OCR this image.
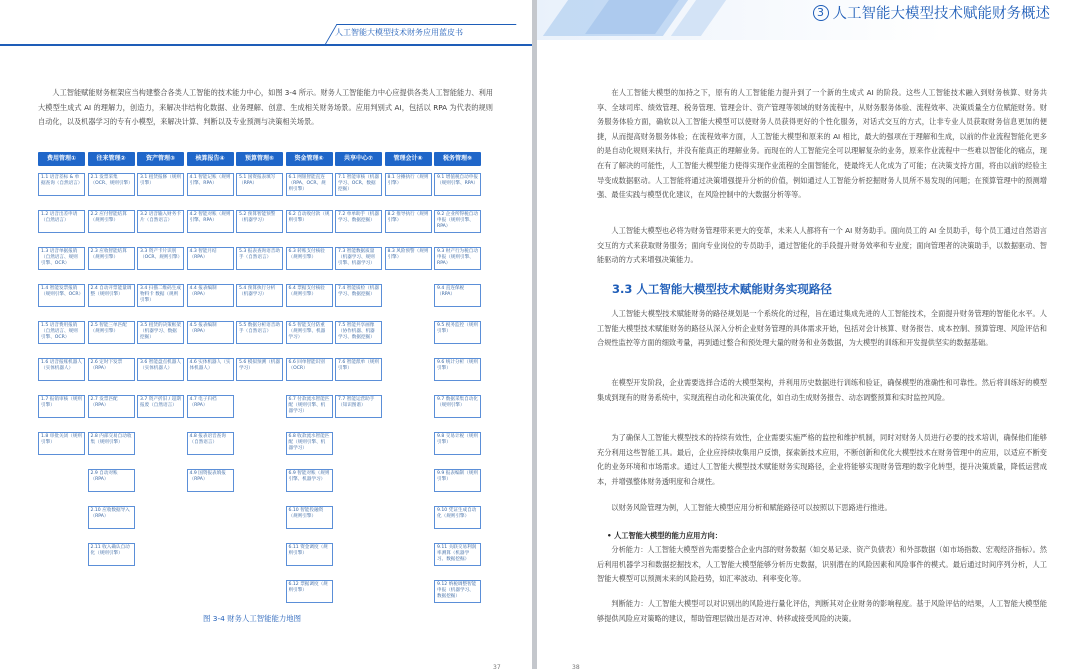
人工智能大模型技术财务应用蓝皮书

人工智能赋能财务框架应当构建整合各类人工智能的技术能力中心，如图 3-4 所示。财务人工智能能力中心应提供各类人工智能能力、利用大模型生成式 AI 的理解力，创造力，来解决非结构化数据、业务理解、创意、生成相关财务场景。应用判别式 AI，包括以 RPA 为代表的规则自动化，以及机器学习的专有小模型，来解决计算、判断以及专业预测与决策相关场景。

费用管理①
1.1 语音差标 & 单据查询（自然语言）
1.2 语音出差申请（自然语言）
1.3 语音单据报销（自然语言、规则引擎、OCR）
1.4 智能发票报销（规则引擎、OCR）
1.5 语音费用报销（自然语言、规则引擎、OCR）
1.6 语音报账机器人（实体机器人）
1.7 报销审核（规则引擎）
1.8 审批关闭（规则引擎）
往来管理②
2.1 发票采集（OCR、规则引擎）
2.2 应付智能结算（规则引擎）
2.3 应收智能结算（规则引擎）
2.4 自动开票能量调整（规则引擎）
2.5 智能三单匹配（规则引擎）
2.6 定时下发票（RPA）
2.7 发票匹配（RPA）
2.8 内部交易自动收集（规则引擎）
2.9 自动对账（RPA）
2.10 应收数据导入（RPA）
2.11 收入确认自动化（规则引擎）
资产管理③
3.1 租赁报修（规则引擎）
3.2 语音输入财务卡片（自然语言）
3.3 资产卡片识别（OCR、规则引擎）
3.4 扫描二维码生成物料卡 数据（规则引擎）
3.5 租赁的决策框架（机器学习、数据挖掘）
3.6 智能盘点机器人（实体机器人）
3.7 资产折旧 / 超期报废（自然语言）
核算报告④
4.1 智能记账（规则引擎、RPA）
4.2 智能对账（规则引擎、RPA）
4.3 智能月结（RPA）
4.4 报表编制（RPA）
4.5 报表编制（RPA）
4.6 实体机器人（实体机器人）
4.7 电子归档（RPA）
4.8 报表语音查询（自然语言）
4.9 国资报表填报（RPA）
预算管理⑤
5.1 国资报表填写（RPA）
5.2 预算智能预警（机器学习）
5.3 报表查询语音助手（自然语言）
5.4 预算执行分析（机器学习）
5.5 数据分析语音助手（自然语言）
5.6 模拟预测（机器学习）
资金管理⑥
6.1 网银智能直连（RPA、OCR、规则引擎）
6.2 自动收付款（规则引擎）
6.3 转账支付核验（规则引擎）
6.4 票据支付核验（规则引擎）
6.5 智能支付防重（规则引擎、机器学习）
6.6 回单智能识别（OCR）
6.7 付款流水智能匹配（规则引擎、机器学习）
6.8 收款流水智能匹配（规则引擎、机器学习）
6.9 智能对账（规则引擎、机器学习）
6.10 智能投融资（规则引擎）
6.11 资金调度（规则引擎）
6.12 票据调度（规则引擎）
共享中心⑦
7.1 智能审核（机器学习、OCR、数据挖掘）
7.2 单单助手（机器学习、数据挖掘）
7.3 智能数据质量（机器学习、规则引擎、机器学习）
7.4 智能质检（机器学习、数据挖掘）
7.5 智能共享画像（协作机器、机器学习、数据挖掘）
7.6 智能派单（规则引擎）
7.7 智能运营助手（知识图谱）
管理会计⑧
8.1 分摊执行（规则引擎）
8.2 推导执行（规则引擎）
8.3 风险预警（规则引擎）
税务管理⑨
9.1 增值税自动申报（规则引擎、RPA）
9.2 企业所得税自动申报（规则引擎、RPA）
9.3 财产行为税自动申报（规则引擎、RPA）
9.4 直连保税（RPA）
9.5 税务监控（规则引擎）
9.6 统计分析（规则引擎）
9.7 数据采集自动化（规则引擎）
9.8 交易计税（规则引擎）
9.9 报表编制（规则引擎）
9.10 凭证生成自动化（规则引擎）
9.11 关联交易利润率测算（机器学习、数据挖掘）
9.12 纳税调整智能申报（机器学习、数据挖掘）
图 3-4 财务人工智能能力地图
37
3 人工智能大模型技术赋能财务概述

在人工智能大模型的加持之下，原有的人工智能能力提升到了一个新的生成式 AI 的阶段。这些人工智能技术融入到财务核算、财务共享、全球司库、绩效管理、税务管理、管理会计、资产管理等领域的财务流程中，从财务服务体验、流程效率、决策质量全方位赋能财务。财务服务体验方面，确软以入工智能大模型可以使财务人员获得更好的个性化服务，对话式交互的方式，让非专业人员获取财务信息更加的便捷，从而提高财务服务体验；在流程效率方面，人工智能大模型和原来的 AI 相比，最大的强项在于理解和生成，以前的作业流程智能化更多的是自动化规则来执行，并没有能真正的理解业务。而现在的人工智能完全可以理解复杂的业务，原来作业流程中一些难以智能化的痛点，现在有了解决的可能性，人工智能大模型能力使得实现作业流程的全面智能化，使最终无人化成为了可能；在决策支持方面，将由以前的经验主导变成数据驱动。人工智能将通过决策增强提升分析的价值，例如通过人工智能分析挖掘财务人员所不易发现的问题；在预算管理中的预测增强、最佳实践与模型优化建议，在风险控制中的大数据分析等等。

人工智能大模型也必将为财务管理带来更大的变革，未来人人都将有一个 AI 财务助手。面向员工的 AI 全员助手，每个员工通过自然语言交互的方式来获取财务服务；面向专业岗位的专员助手，通过智能化的手段提升财务效率和专业度；面向管理者的决策助手，以数据驱动、智能驱动的方式来增强决策能力。

3.3 人工智能大模型技术赋能财务实现路径

人工智能大模型技术赋能财务的路径规划是一个系统化的过程，旨在通过集成先进的人工智能技术，全面提升财务管理的智能化水平。人工智能大模型技术赋能财务的路径从深入分析企业财务管理的具体需求开始，包括对会计核算、财务报告、成本控制、预算管理、风险评估和合规性监控等方面的细致考量，再到通过整合和预处理大量的财务和业务数据，为大模型的训练和开发提供坚实的数据基础。

在模型开发阶段，企业需要选择合适的大模型架构，并利用历史数据进行训练和验证，确保模型的准确性和可靠性。然后将训练好的模型集成到现有的财务系统中，实现流程自动化和决策优化，如自动生成财务报告、动态调整预算和实时监控风险。

为了确保人工智能大模型技术的持续有效性，企业需要实施严格的监控和维护机制，同时对财务人员进行必要的技术培训，确保他们能够充分利用这些智能工具。最后，企业应持续收集用户反馈，探索新技术应用，不断创新和优化大模型技术在财务管理中的应用，以适应不断变化的业务环境和市场需求。通过人工智能大模型技术赋能财务实现路径，企业将能够实现财务管理的数字化转型，提升决策质量，降低运营成本，并增强整体财务透明度和合规性。

以财务风险管理为例，人工智能大模型应用分析和赋能路径可以按照以下思路进行推进。

• 人工智能大模型的能力应用方向：

分析能力：人工智能大模型首先需要整合企业内部的财务数据（如交易记录、资产负债表）和外部数据（如市场指数、宏观经济指标）。然后利用机器学习和数据挖掘技术，人工智能大模型能够分析历史数据，识别潜在的风险因素和风险事件的模式。最后通过时间序列分析，人工智能大模型可以预测未来的风险趋势，如汇率波动、利率变化等。

判断能力：人工智能大模型可以对识别出的风险进行量化评估，判断其对企业财务的影响程度。基于风险评估的结果，人工智能大模型能够提供风险应对策略的建议，帮助管理层做出是否对冲、转移或接受风险的决策。

38
